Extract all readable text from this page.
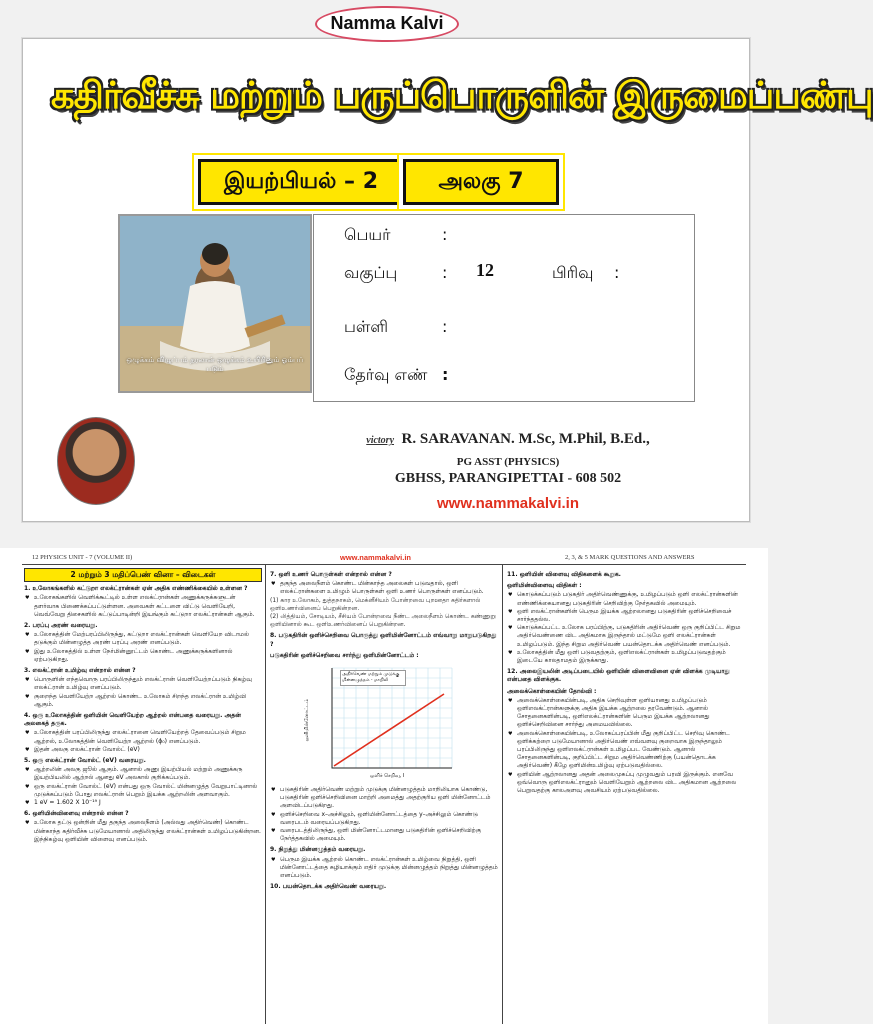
Namma Kalvi
கதிர்வீச்சு மற்றும் பருப்பொருளின் இருமைப்பண்பு
இயற்பியல் – 2	அலகு 7
ஒழுக்கம் விழுப்பம் தரலான் ஒழுக்கம் உயிரினும் ஓம்பப் படும்
பெயர்	:
வகுப்பு	: 12	பிரிவு :
பள்ளி	:
தேர்வு எண் :
victory R. SARAVANAN. M.Sc, M.Phil, B.Ed.,
PG ASST (PHYSICS)
GBHSS, PARANGIPETTAI - 608 502
www.nammakalvi.in
12 PHYSICS UNIT - 7 (VOLUME II)	www.nammakalvi.in	2, 3, & 5 MARK QUESTIONS AND ANSWERS
2 மற்றும் 3 மதிப்பெண் வினா – விடைகள்
1. உலோகங்களில் கட்டுறா எலக்ட்ரான்கள் ஏன் அதிக எண்ணிக்கையில் உள்ளன ?
♥ உலோகங்களில் வெளிக்கூட்டில் உள்ள எலக்ட்ரான்கள் அணுக்கருக்களுடன் தளர்வாக பிணைக்கப்பட்டுள்ளன. அவைகள் கட்டளை விட்டு வெளியேறி, வெவ்வேறு திசைகளில் கட்டுப்பாடின்றி இயங்கும் கட்டுறா எலக்ட்ரான்கள் ஆகும்.
2. பரப்பு அரண் வரையறு.
♥ உலோகத்தின் மேற்பரப்பிலிருந்து, கட்டுறா எலக்ட்ரான்கள் வெளியேற விடாமல் தடுக்கும் மின்னழுத்த அரண் பரப்பு அரண் எனப்படும்.
♥ இது உலோகத்தில் உள்ள நேர்மின்னூட்டம் கொண்ட அணுக்கருக்களினால் ஏற்படுகிறது.
3. எலக்ட்ரான் உமிழ்வு என்றால் என்ன ?
♥ பொருளின் எந்தவொரு பரப்பிலிருந்தும் எலக்ட்ரான் வெளியேற்றப்படும் நிகழ்வு எலக்ட்ரான் உமிழ்வு எனப்படும்.
♥ குறைந்த வெளியேற்ற ஆற்றல் கொண்ட உலோகம் சிறந்த எலக்ட்ரான் உமிழ்வி ஆகும்.
4. ஒரு உலோகத்தின் ஒளியின் வெளியேற்ற ஆற்றல் என்பதை வரையறு. அதன் அலகைத் தருக.
♥ உலோகத்தின் பரப்பிலிருந்து எலக்ட்ரானை வெளியேற்றத் தேவைப்படும் சிறும ஆற்றல், உலோகத்தின் வெளியேற்ற ஆற்றல் (ϕ₀) எனப்படும்.
♥ இதன் அலகு எலக்ட்ரான் வோல்ட் (eV)
5. ஒரு எலக்ட்ரான் வோல்ட் (eV) வரையறு.
♥ ஆற்றலின் அலகு ஜூல் ஆகும். ஆனால் அணு இயற்பியல் மற்றும் அணுக்கரு இயற்பியலில் ஆற்றல் ஆனது eV அலகால் குறிக்கப்படும்.
♥ ஒரு எலக்ட்ரான் வோல்ட் (eV) என்பது ஒரு வோல்ட் மின்னழுத்த வேறுபாட்டினால் முடுக்கப்படும் போது எலக்ட்ரான் பெறும் இயக்க ஆற்றலின் அளவாகும்.
♥ 1 eV = 1.602 X 10⁻¹⁹ J
6. ஒளியின்விளைவு என்றால் என்ன ?
♥ உலோக தட்டு ஒன்றின் மீது தகுந்த அலைநீளம் (அல்லது அதிர்வெண்) கொண்ட மின்காந்த கதிர்வீச்சு படுமேயானால் அதிலிருந்து எலக்ட்ரான்கள் உமிழப்படுகின்றன. இந்நிகழ்வு ஒளியின் விளைவு எனப்படும்.
7. ஒளி உணர் பொருள்கள் என்றால் என்ன ?
♥ தகுந்த அலைநீளம் கொண்ட மின்காந்த அலைகள் படுவதால், ஒளி எலக்ட்ரான்களை உமிழும் பொருள்கள் ஒளி உணர் பொருள்கள் எனப்படும்.
(1) கார உலோகம், துத்தநாகம், மெக்னீசியம் போன்றவை புறஊதா கதிர்களால் ஒளிஉணர்வினைப் பெறுகின்றன.
(2) லித்தியம், சோடியம், சீசியம் போன்றவை நீண்ட அலைநீளம் கொண்ட கண்ணுறு ஒளியினால் கூட ஒளிஉணர்வினைப் பெறுகின்றன.
8. படுகதிரின் ஒளிச்செறிவை பொருத்து ஒளிமின்னோட்டம் எவ்வாறு மாறுபடுகிறது ?
படுகதிரின் ஒளிச்செறிவை சார்ந்து ஒளிமின்னோட்டம் :
அதிர்வெண் மற்றும் முடுக்கு மின்னழுத்தம் - மாறிலி
ஒளிமின்னோட்டம்
ஒளிச் செறிவு, I
♥ படுகதிரின் அதிர்வெண் மற்றும் முடுக்கு மின்னழுத்தம் மாறிலியாக கொண்டு, படுகதிரின் ஒளிச்செறிவினை மாற்றி அமைத்து அதற்குரிய ஒளி மின்னோட்டம் அளவிடப்படுகிறது.
♥ ஒளிச்செறிவை x–அச்சிலும், ஒளிமின்னோட்டத்தை y–அச்சிலும் கொண்டு வரைபடம் வரையப்படுகிறது.
♥ வரைபடத்திலிருந்து, ஒளி மின்னோட்டமானது படுகதிரின் ஒளிச்செறிவிற்கு நேர்த்தகவில் அமையும்.
9. நிறுத்து மின்னழுத்தம் வரையறு.
♥ பெரும இயக்க ஆற்றல் கொண்ட எலக்ட்ரான்கள் உமிழ்வை நிறுத்தி, ஒளி மின்னோட்டத்தை சுழியாக்கும் எதிர் முடுக்கு மின்னழுத்தம் நிறுத்து மின்னழுத்தம் எனப்படும்.
10. பயன்தொடக்க அதிர்வெண் வரையறு.
11. ஒளியின் விளைவு விதிகளைக் கூறுக.
ஒளிமின்விளைவு விதிகள் :
♥ கொடுக்கப்படும் படுகதிர் அதிர்வெண்ணுக்கு, உமிழப்படும் ஒளி எலக்ட்ரான்களின் எண்ணிக்கையானது படுகதிரின் செறிவிற்கு நேர்தகவில் அமையும்.
♥ ஒளி எலக்ட்ரான்களின் பெரும இயக்க ஆற்றலானது படுகதிரின் ஒளிச்செறிவைச் சார்ந்ததல்ல.
♥ கொடுக்கப்பட்ட உலோக பரப்பிற்கு, படுகதிரின் அதிர்வெண் ஒரு குறிப்பிட்ட சிறும அதிர்வெண்ணை விட அதிகமாக இருந்தால் மட்டுமே ஒளி எலக்ட்ரான்கள் உமிழப்படும். இந்த சிறும அதிர்வெண் பயன்தொடக்க அதிர்வெண் எனப்படும்.
♥ உலோகத்தின் மீது ஒளி படுவதற்கும், ஒளிஎலக்ட்ரான்கள் உமிழப்படுவதற்கும் இடையே காலதாமதம் இருக்காது.
12. அலைஇயலின் அடிப்படையில் ஒளியின் விளைவினை ஏன் விளக்க முடியாது என்பதை விளக்குக.
அலைக்கொள்கையின் தோல்வி :
♥ அலைக்கொள்கையின்படி, அதிக செறிவுள்ள ஒளியானது உமிழப்படும் ஒளிஎலக்ட்ரான்களுக்கு அதிக இயக்க ஆற்றலை தரவேண்டும். ஆனால் சோதனைகளின்படி, ஒளிஎலக்ட்ரான்களின் பெரும இயக்க ஆற்றலானது ஒளிச்செறிவினை சார்ந்து அமையவில்லை.
♥ அலைக்கொள்கையின்படி, உலோகப்பரப்பின் மீது குறிப்பிட்ட செறிவு கொண்ட ஒளிக்கற்றை படுமேயானால் அதிர்வெண் எவ்வளவு குறைவாக இருந்தாலும் பரப்பிலிருந்து ஒளிஎலக்ட்ரான்கள் உமிழப்பட வேண்டும். ஆனால் சோதனைகளின்படி, குறிப்பிட்ட சிறும அதிர்வெண்ணிற்கு (பயன்தொடக்க அதிர்வெண்) கீழே ஒளிமின்உமிழ்வு ஏற்படுவதில்லை.
♥ ஒளியின் ஆற்றலானது அதன் அலைமுகப்பு முழுவதும் பரவி இருக்கும். எனவே ஒவ்வொரு ஒளிஎலக்ட்ரானும் வெளியேறும் ஆற்றலை விட அதிகமான ஆற்றலை பெறுவதற்கு காலஅளவு அவசியம் ஏற்படுவதில்லை.
